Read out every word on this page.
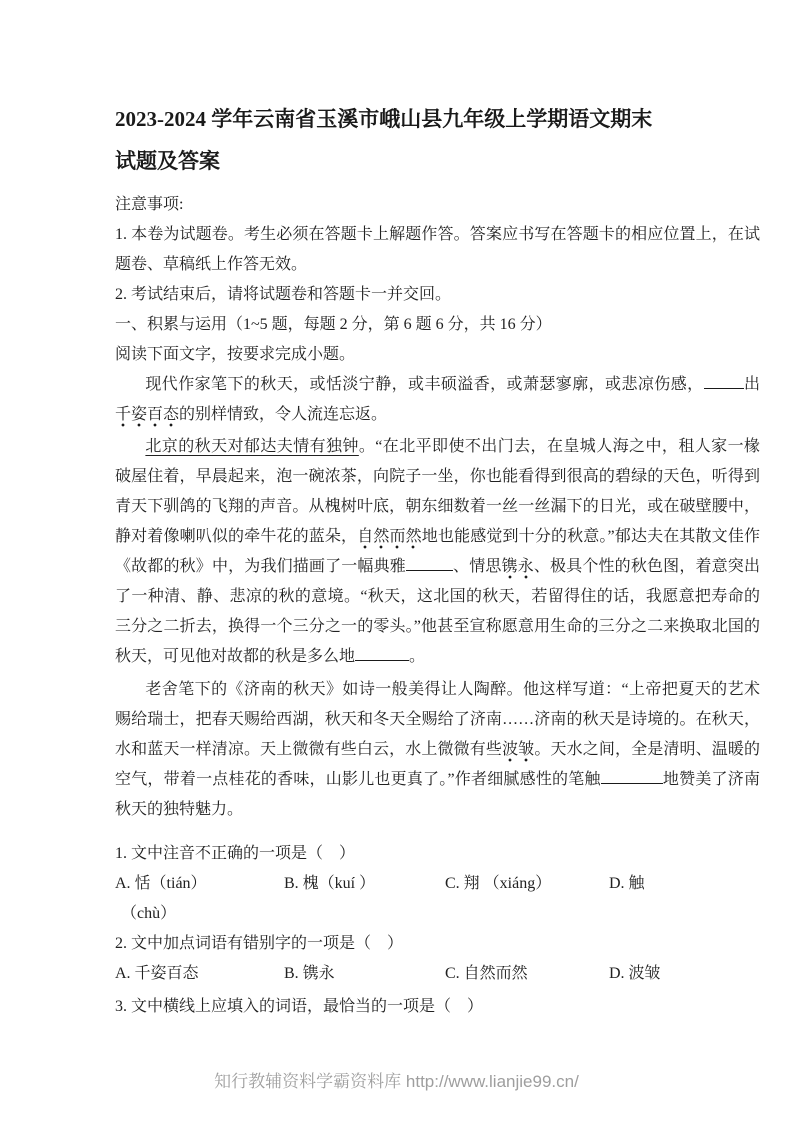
2023-2024 学年云南省玉溪市峨山县九年级上学期语文期末
试题及答案

注意事项:

1. 本卷为试题卷。考生必须在答题卡上解题作答。答案应书写在答题卡的相应位置上，在试题卷、草稿纸上作答无效。

2. 考试结束后，请将试题卷和答题卡一并交回。

一、积累与运用（1~5 题，每题 2 分，第 6 题 6 分，共 16 分）

阅读下面文字，按要求完成小题。

现代作家笔下的秋天，或恬淡宁静，或丰硕溢香，或萧瑟寥廓，或悲凉伤感，	出千姿百态的别样情致，令人流连忘返。

北京的秋天对郁达夫情有独钟。“在北平即使不出门去，在皇城人海之中，租人家一椽破屋住着，早晨起来，泡一碗浓茶，向院子一坐，你也能看得到很高的碧绿的天色，听得到青天下驯鸽的飞翔的声音。从槐树叶底，朝东细数着一丝一丝漏下的日光，或在破壁腰中，静对着像喇叭似的牵牛花的蓝朵，自然而然地也能感觉到十分的秋意。”郁达夫在其散文佳作《故都的秋》中，为我们描画了一幅典雅	、情思镌永、极具个性的秋色图，着意突出了一种清、静、悲凉的秋的意境。“秋天，这北国的秋天，若留得住的话，我愿意把寿命的三分之二折去，换得一个三分之一的零头。”他甚至宣称愿意用生命的三分之二来换取北国的秋天，可见他对故都的秋是多么地	。

老舍笔下的《济南的秋天》如诗一般美得让人陶醉。他这样写道：“上帝把夏天的艺术赐给瑞士，把春天赐给西湖，秋天和冬天全赐给了济南……济南的秋天是诗境的。在秋天，水和蓝天一样清凉。天上微微有些白云，水上微微有些波皱。天水之间，全是清明、温暖的空气，带着一点桂花的香味，山影儿也更真了。”作者细腻感性的笔触	地赞美了济南秋天的独特魅力。

1. 文中注音不正确的一项是（　）

A. 恬（tián）	B. 槐（kuí ）	C. 翔 （xiáng）	D. 触

（chù）

2. 文中加点词语有错别字的一项是（　）

A. 千姿百态	B. 镌永	C. 自然而然	D. 波皱

3. 文中横线上应填入的词语，最恰当的一项是（　）

知行教辅资料学霸资料库 http://www.lianjie99.cn/
